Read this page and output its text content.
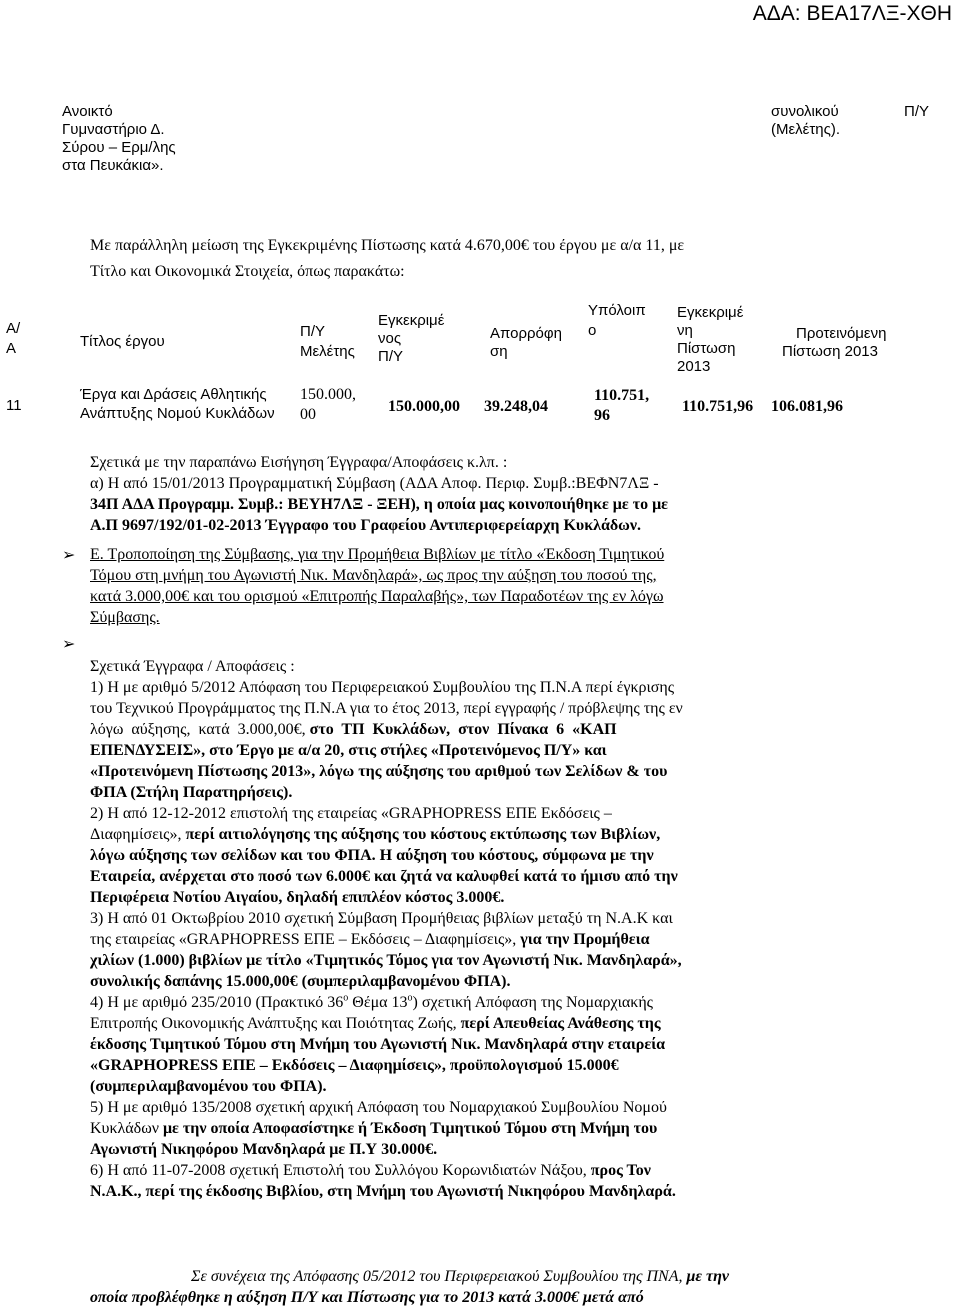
ΑΔΑ: ΒΕΑ17ΛΞ-ΧΘΗ
Ανοικτό
Γυμναστήριο Δ.
Σύρου – Ερμ/λης
στα Πευκάκια».
συνολικού
(Μελέτης).
Π/Υ
Με παράλληλη μείωση της Εγκεκριμένης Πίστωσης κατά 4.670,00€ του έργου με α/α 11, με
Τίτλο και Οικονομικά Στοιχεία, όπως παρακάτω:
Α/
Α	Τίτλος έργου
Π/Υ
Μελέτης
Εγκεκριμέ
νος
Π/Υ
Απορρόφη
ση
Υπόλοιπ
ο
Εγκεκριμέ
νη
Πίστωση
2013
Προτεινόμενη
Πίστωση 2013
11
Έργα και Δράσεις Αθλητικής
Ανάπτυξης Νομού Κυκλάδων
150.000,
00	150.000,00 39.248,04
110.751,
96
110.751,96 106.081,96
Σχετικά με την παραπάνω Εισήγηση Έγγραφα/Αποφάσεις κ.λπ. :
α) Η από 15/01/2013 Προγραμματική Σύμβαση (ΑΔΑ Αποφ. Περιφ. Συμβ.:ΒΕΦΝ7ΛΞ -
34Π ΑΔΑ Προγραμμ. Συμβ.: ΒΕΥΗ7ΛΞ - ΞΕΗ), η οποία μας κοινοποιήθηκε με το με
Α.Π 9697/192/01-02-2013 Έγγραφο του Γραφείου Αντιπεριφερείαρχη Κυκλάδων.
➢ Ε. Τροποποίηση της Σύμβασης, για την Προμήθεια Βιβλίων με τίτλο «Έκδοση Τιμητικού
Τόμου στη μνήμη του Αγωνιστή Νικ. Μανδηλαρά», ως προς την αύξηση του ποσού της,
κατά 3.000,00€ και του ορισμού «Επιτροπής Παραλαβής», των Παραδοτέων της εν λόγω
Σύμβασης.
➢
Σχετικά Έγγραφα / Αποφάσεις :
1) Η με αριθμό 5/2012 Απόφαση του Περιφερειακού Συμβουλίου της Π.Ν.Α περί έγκρισης
του Τεχνικού Προγράμματος της Π.Ν.Α για το έτος 2013, περί εγγραφής / πρόβλεψης της εν
λόγω  αύξησης,  κατά  3.000,00€, στο  ΤΠ  Κυκλάδων,  στον  Πίνακα  6  «ΚΑΠ
ΕΠΕΝΔΥΣΕΙΣ», στο Έργο με α/α 20, στις στήλες «Προτεινόμενος Π/Υ» και
«Προτεινόμενη Πίστωσης 2013», λόγω της αύξησης του αριθμού των Σελίδων & του
ΦΠΑ (Στήλη Παρατηρήσεις).
2) Η από 12-12-2012 επιστολή της εταιρείας «GRAPHOPRESS ΕΠΕ Εκδόσεις –
Διαφημίσεις», περί αιτιολόγησης της αύξησης του κόστους εκτύπωσης των Βιβλίων,
λόγω αύξησης των σελίδων και του ΦΠΑ. Η αύξηση του κόστους, σύμφωνα με την
Εταιρεία, ανέρχεται στο ποσό των 6.000€ και ζητά να καλυφθεί κατά το ήμισυ από την
Περιφέρεια Νοτίου Αιγαίου, δηλαδή επιπλέον κόστος 3.000€.
3) Η από 01 Οκτωβρίου 2010 σχετική Σύμβαση Προμήθειας βιβλίων μεταξύ τη Ν.Α.Κ και
της εταιρείας «GRAPHOPRESS ΕΠΕ – Εκδόσεις – Διαφημίσεις», για την Προμήθεια
χιλίων (1.000) βιβλίων με τίτλο «Τιμητικός Τόμος για τον Αγωνιστή Νικ. Μανδηλαρά»,
συνολικής δαπάνης 15.000,00€ (συμπεριλαμβανομένου ΦΠΑ).
4) Η με αριθμό 235/2010 (Πρακτικό $36^o$ Θέμα $13^o$) σχετική Απόφαση της Νομαρχιακής
Επιτροπής Οικονομικής Ανάπτυξης και Ποιότητας Ζωής, περί Απευθείας Ανάθεσης της
έκδοσης Τιμητικού Τόμου στη Μνήμη του Αγωνιστή Νικ. Μανδηλαρά στην εταιρεία
«GRAPHOPRESS ΕΠΕ – Εκδόσεις – Διαφημίσεις», προϋπολογισμού 15.000€
(συμπεριλαμβανομένου του ΦΠΑ).
5) Η με αριθμό 135/2008 σχετική αρχική Απόφαση του Νομαρχιακού Συμβουλίου Νομού
Κυκλάδων με την οποία Αποφασίστηκε ή Έκδοση Τιμητικού Τόμου στη Μνήμη του
Αγωνιστή Νικηφόρου Μανδηλαρά με Π.Υ 30.000€.
6) Η από 11-07-2008 σχετική Επιστολή του Συλλόγου Κορωνιδιατών Νάξου, προς Τον
Ν.Α.Κ., περί της έκδοσης Βιβλίου, στη Μνήμη του Αγωνιστή Νικηφόρου Μανδηλαρά.
Σε συνέχεια της Απόφασης 05/2012 του Περιφερειακού Συμβουλίου της ΠΝΑ, με την
οποία προβλέφθηκε η αύξηση Π/Υ και Πίστωσης για το 2013 κατά 3.000€ μετά από
